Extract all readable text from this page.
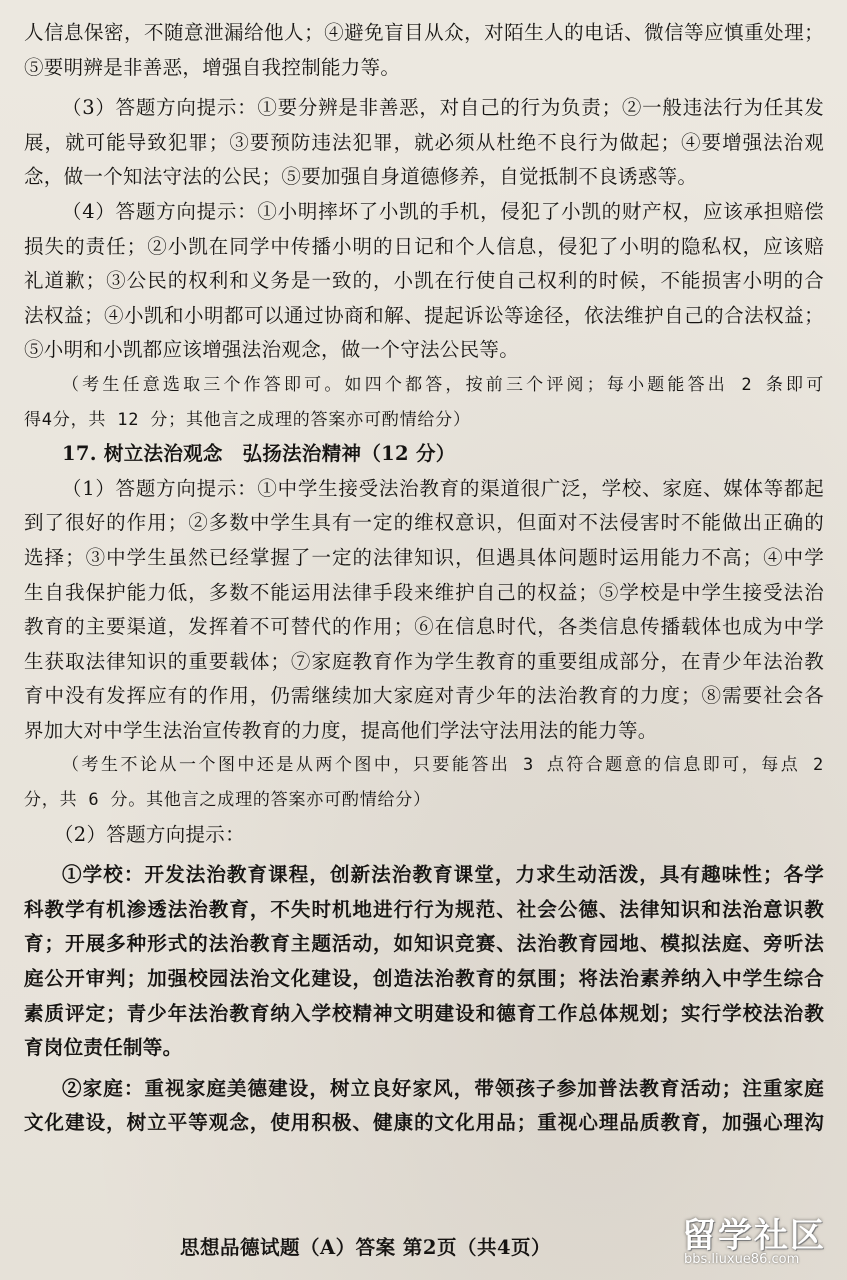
人信息保密，不随意泄漏给他人；④避免盲目从众，对陌生人的电话、微信等应慎重处理；
⑤要明辨是非善恶，增强自我控制能力等。
（3）答题方向提示：①要分辨是非善恶，对自己的行为负责；②一般违法行为任其发
展，就可能导致犯罪；③要预防违法犯罪，就必须从杜绝不良行为做起；④要增强法治观
念，做一个知法守法的公民；⑤要加强自身道德修养，自觉抵制不良诱惑等。
（4）答题方向提示：①小明摔坏了小凯的手机，侵犯了小凯的财产权，应该承担赔偿
损失的责任；②小凯在同学中传播小明的日记和个人信息，侵犯了小明的隐私权，应该赔
礼道歉；③公民的权利和义务是一致的，小凯在行使自己权利的时候，不能损害小明的合
法权益；④小凯和小明都可以通过协商和解、提起诉讼等途径，依法维护自己的合法权益；
⑤小明和小凯都应该增强法治观念，做一个守法公民等。
（考生任意选取三个作答即可。如四个都答，按前三个评阅；每小题能答出 2 条即可
得4分，共 12 分；其他言之成理的答案亦可酌情给分）
17. 树立法治观念　弘扬法治精神（12 分）
（1）答题方向提示：①中学生接受法治教育的渠道很广泛，学校、家庭、媒体等都起
到了很好的作用；②多数中学生具有一定的维权意识，但面对不法侵害时不能做出正确的
选择；③中学生虽然已经掌握了一定的法律知识，但遇具体问题时运用能力不高；④中学
生自我保护能力低，多数不能运用法律手段来维护自己的权益；⑤学校是中学生接受法治
教育的主要渠道，发挥着不可替代的作用；⑥在信息时代，各类信息传播载体也成为中学
生获取法律知识的重要载体；⑦家庭教育作为学生教育的重要组成部分，在青少年法治教
育中没有发挥应有的作用，仍需继续加大家庭对青少年的法治教育的力度；⑧需要社会各
界加大对中学生法治宣传教育的力度，提高他们学法守法用法的能力等。
（考生不论从一个图中还是从两个图中，只要能答出 3 点符合题意的信息即可，每点 2
分，共 6 分。其他言之成理的答案亦可酌情给分）
（2）答题方向提示：
①学校：开发法治教育课程，创新法治教育课堂，力求生动活泼，具有趣味性；各学
科教学有机渗透法治教育，不失时机地进行行为规范、社会公德、法律知识和法治意识教
育；开展多种形式的法治教育主题活动，如知识竞赛、法治教育园地、模拟法庭、旁听法
庭公开审判；加强校园法治文化建设，创造法治教育的氛围；将法治素养纳入中学生综合
素质评定；青少年法治教育纳入学校精神文明建设和德育工作总体规划；实行学校法治教
育岗位责任制等。
②家庭：重视家庭美德建设，树立良好家风，带领孩子参加普法教育活动；注重家庭
文化建设，树立平等观念，使用积极、健康的文化用品；重视心理品质教育，加强心理沟
思想品德试题（A）答案 第2页（共4页）	留学社区
bbs.liuxue86.com
